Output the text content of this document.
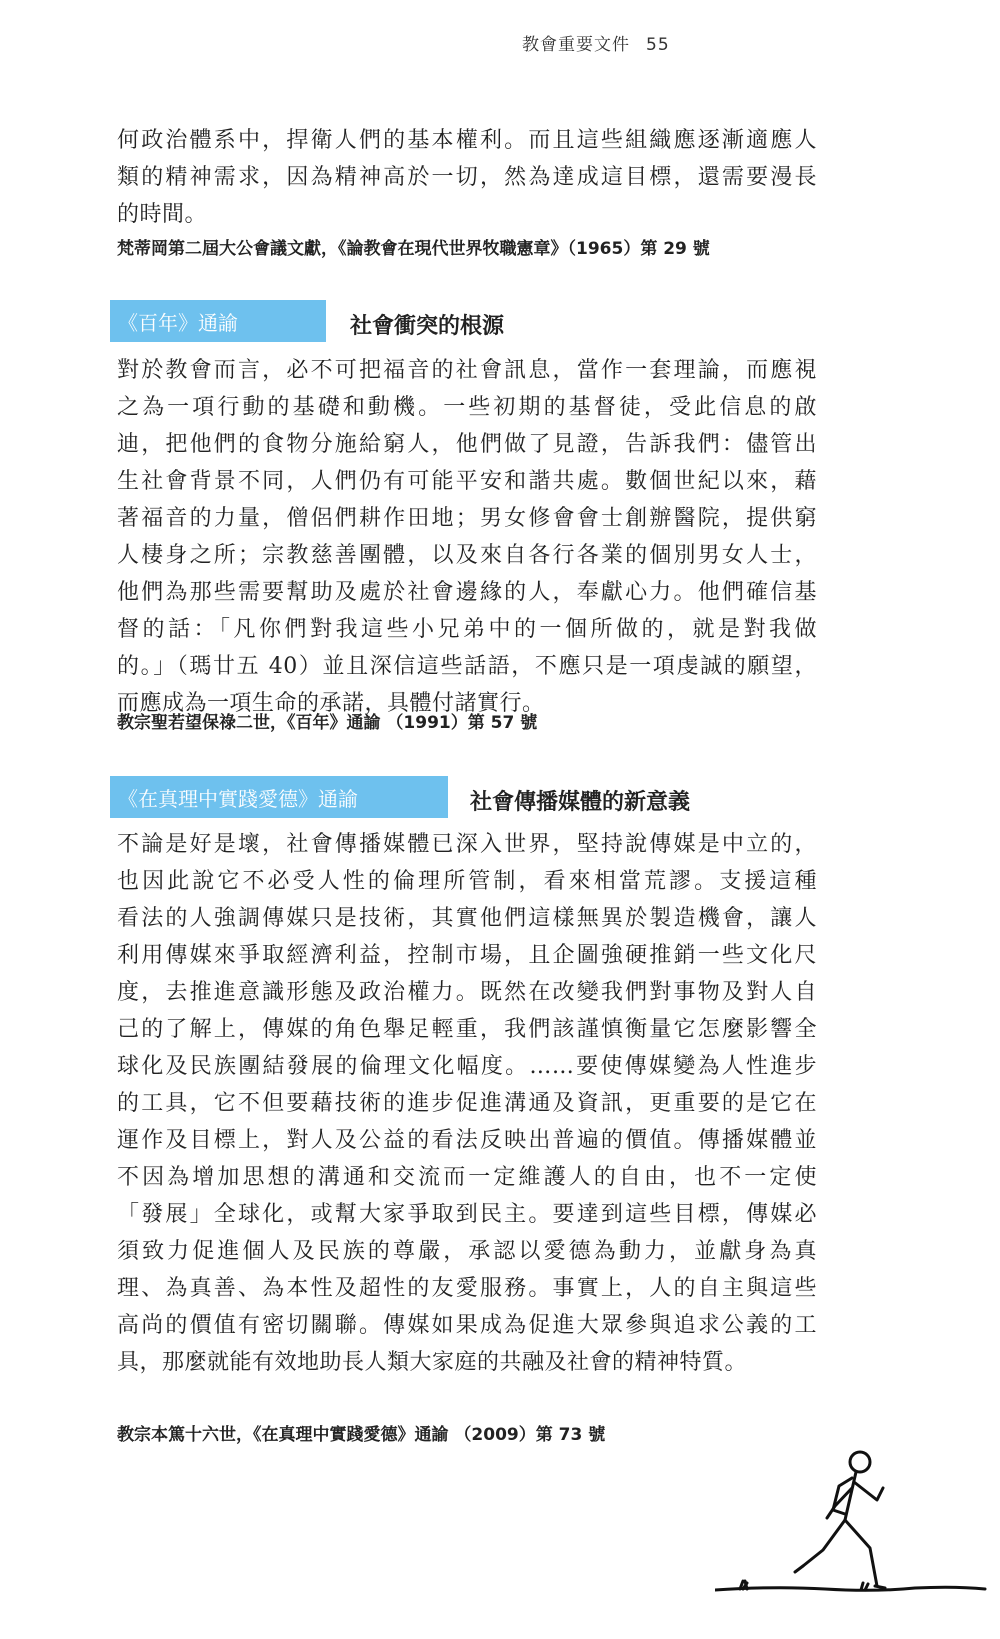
教會重要文件 55
何政治體系中，捍衛人們的基本權利。而且這些組織應逐漸適應人
類的精神需求，因為精神高於一切，然為達成這目標，還需要漫長
的時間。
梵蒂岡第二屆大公會議文獻，《論教會在現代世界牧職憲章》（1965）第 29 號
《百年》通諭	社會衝突的根源
對於教會而言，必不可把福音的社會訊息，當作一套理論，而應視
之為一項行動的基礎和動機。一些初期的基督徒，受此信息的啟
迪，把他們的食物分施給窮人，他們做了見證，告訴我們：儘管出
生社會背景不同，人們仍有可能平安和諧共處。數個世紀以來，藉
著福音的力量，僧侶們耕作田地；男女修會會士創辦醫院，提供窮
人棲身之所；宗教慈善團體，以及來自各行各業的個別男女人士，
他們為那些需要幫助及處於社會邊緣的人，奉獻心力。他們確信基
督的話：「凡你們對我這些小兄弟中的一個所做的，就是對我做
的。」（瑪廿五 40）並且深信這些話語，不應只是一項虔誠的願望，
而應成為一項生命的承諾，具體付諸實行。
教宗聖若望保祿二世，《百年》通諭 （1991）第 57 號
《在真理中實踐愛德》通諭	社會傳播媒體的新意義
不論是好是壞，社會傳播媒體已深入世界，堅持說傳媒是中立的，
也因此說它不必受人性的倫理所管制，看來相當荒謬。支援這種
看法的人強調傳媒只是技術，其實他們這樣無異於製造機會，讓人
利用傳媒來爭取經濟利益，控制市場，且企圖強硬推銷一些文化尺
度，去推進意識形態及政治權力。既然在改變我們對事物及對人自
己的了解上，傳媒的角色舉足輕重，我們該謹慎衡量它怎麼影響全
球化及民族團結發展的倫理文化幅度。……要使傳媒變為人性進步
的工具，它不但要藉技術的進步促進溝通及資訊，更重要的是它在
運作及目標上，對人及公益的看法反映出普遍的價值。傳播媒體並
不因為增加思想的溝通和交流而一定維護人的自由，也不一定使
「發展」全球化，或幫大家爭取到民主。要達到這些目標，傳媒必
須致力促進個人及民族的尊嚴，承認以愛德為動力，並獻身為真
理、為真善、為本性及超性的友愛服務。事實上，人的自主與這些
高尚的價值有密切關聯。傳媒如果成為促進大眾參與追求公義的工
具，那麼就能有效地助長人類大家庭的共融及社會的精神特質。
教宗本篤十六世，《在真理中實踐愛德》通諭 （2009）第 73 號
